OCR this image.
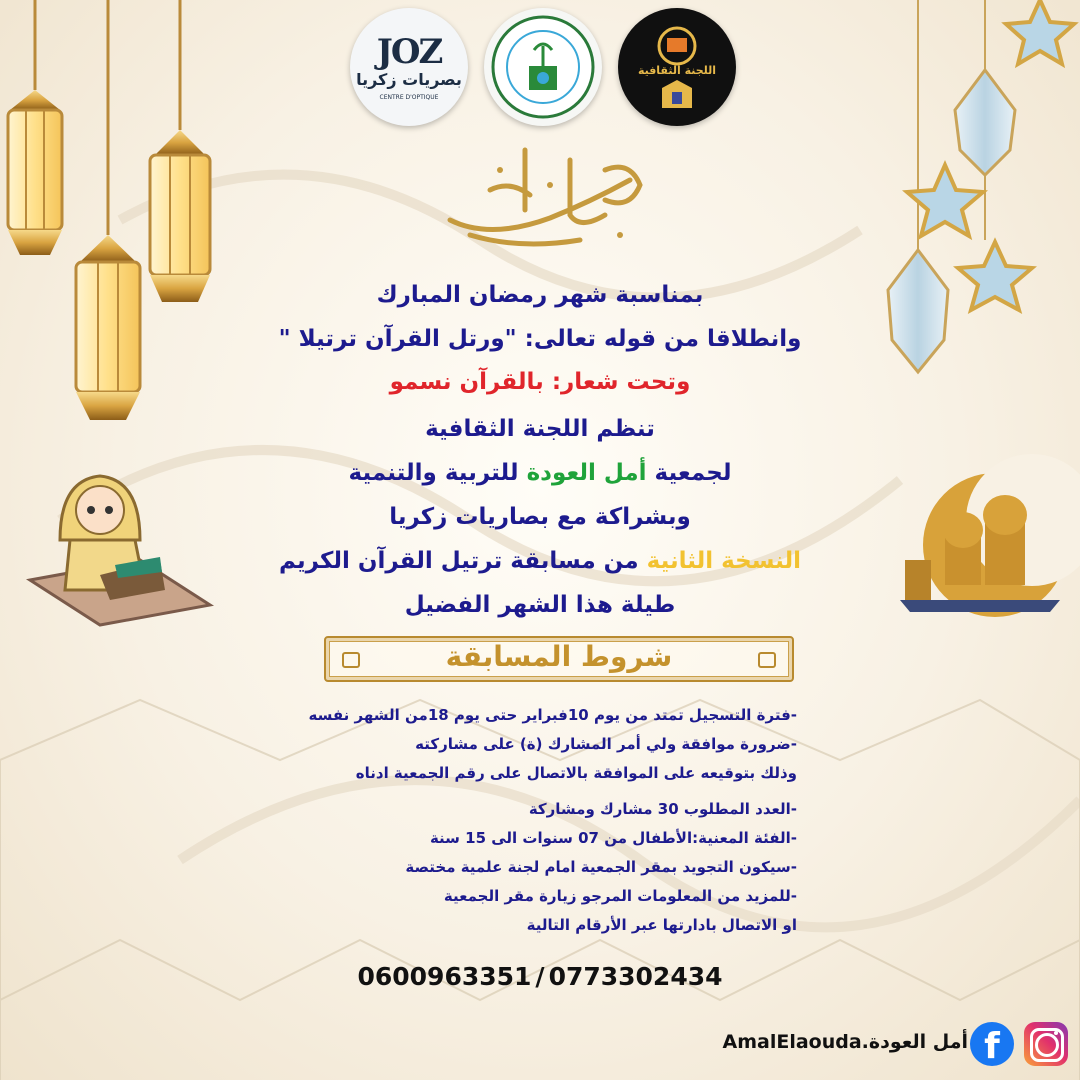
JOZ
بصريات زكريا
CENTRE D'OPTIQUE
اللجنة الثقافية
بمناسبة شهر رمضان المبارك
وانطلاقا من قوله تعالى: "ورتل القرآن ترتيلا "
وتحت شعار: بالقرآن نسمو
تنظم اللجنة الثقافية
لجمعية أمل العودة للتربية والتنمية
وبشراكة مع بصاريات زكريا
النسخة الثانية من مسابقة ترتيل القرآن الكريم
طيلة هذا الشهر الفضيل
شروط المسابقة
-فترة التسجيل تمتد من يوم 10فبراير حتى يوم 18من الشهر نفسه
-ضرورة موافقة ولي أمر المشارك (ة) على مشاركته
وذلك بتوقيعه على الموافقة بالاتصال على رقم الجمعية ادناه
-العدد المطلوب 30 مشارك ومشاركة
-الفئة المعنية:الأطفال من 07 سنوات الى 15 سنة
-سيكون التجويد بمقر الجمعية امام لجنة علمية مختصة
-للمزيد من المعلومات المرجو زيارة مقر الجمعية
او الاتصال بادارتها عبر الأرقام التالية
0600963351 / 0773302434
AmalElaouda.أمل العودة f
